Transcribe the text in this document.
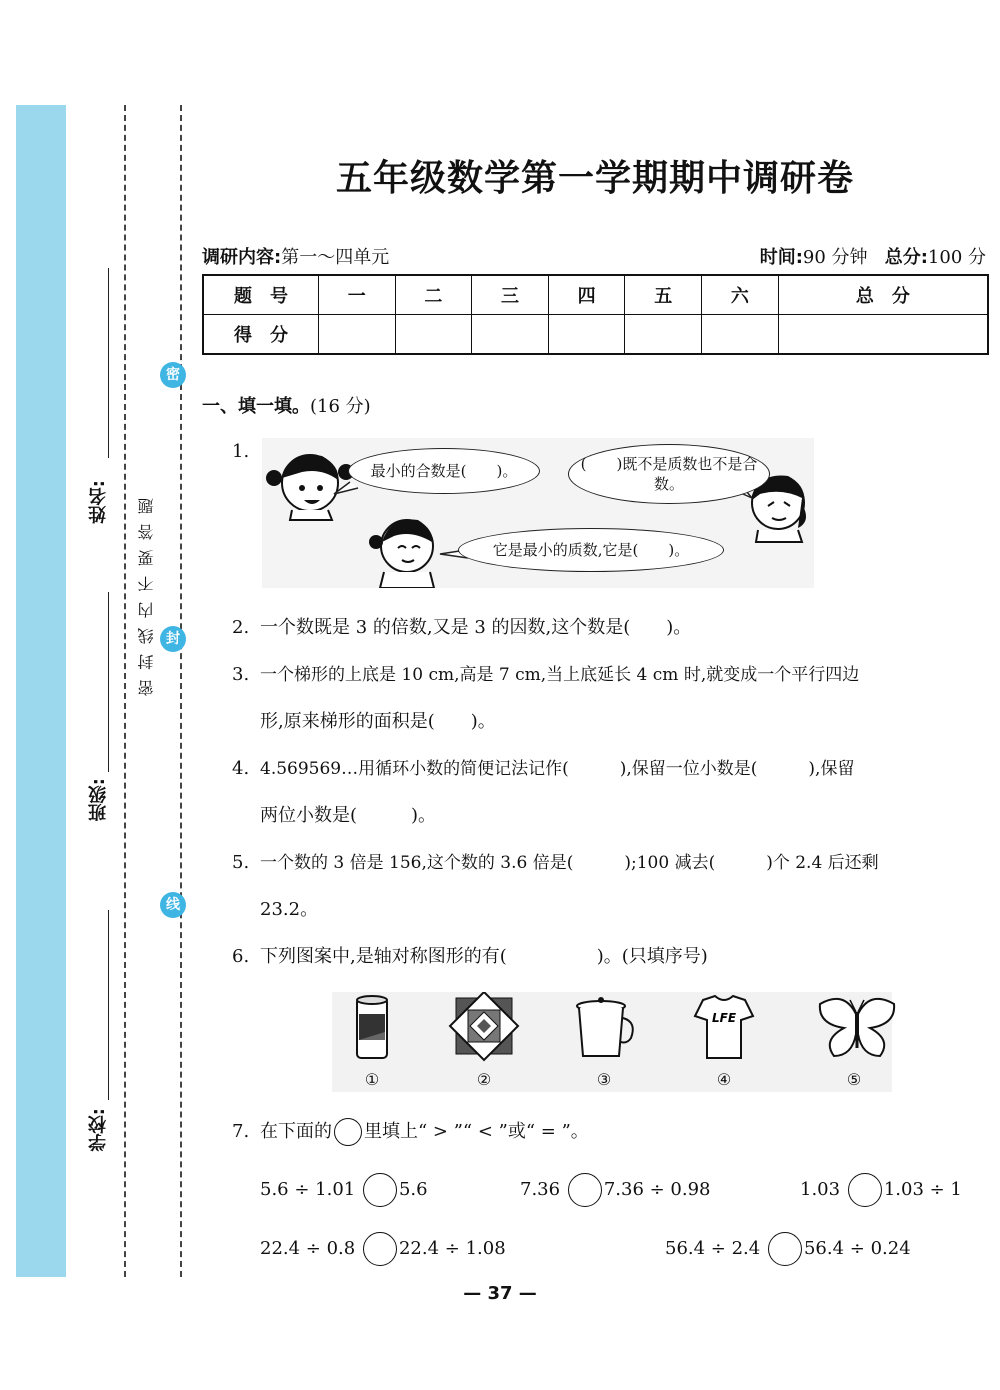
姓名:
班级:
学校:
密
封
线
密封线内不要答题
五年级数学第一学期期中调研卷
调研内容:第一～四单元	时间:90 分钟 总分:100 分
题　号	一	二	三	四	五	六	总　分
得　分							
一、填一填。(16 分)
1.
最小的合数是(　　)。	(　　)既不是质数也不是合数。
它是最小的质数,它是(　　)。
2. 一个数既是 3 的倍数,又是 3 的因数,这个数是(　　)。
3. 一个梯形的上底是 10 cm,高是 7 cm,当上底延长 4 cm 时,就变成一个平行四边
形,原来梯形的面积是(　　)。
4. 4.569569…用循环小数的简便记法记作(　　　),保留一位小数是(　　　),保留
两位小数是(　　　)。
5. 一个数的 3 倍是 156,这个数的 3.6 倍是(　　　);100 减去(　　　)个 2.4 后还剩
23.2。
6. 下列图案中,是轴对称图形的有(　　　　　)。(只填序号)
①	②	③
LFE
④	⑤
7. 在下面的 里填上“ > ”“ < ”或“ = ”。
5.6 ÷ 1.01 5.6	7.36 7.36 ÷ 0.98	1.03 1.03 ÷ 1
22.4 ÷ 0.8 22.4 ÷ 1.08	56.4 ÷ 2.4 56.4 ÷ 0.24
— 37 —
